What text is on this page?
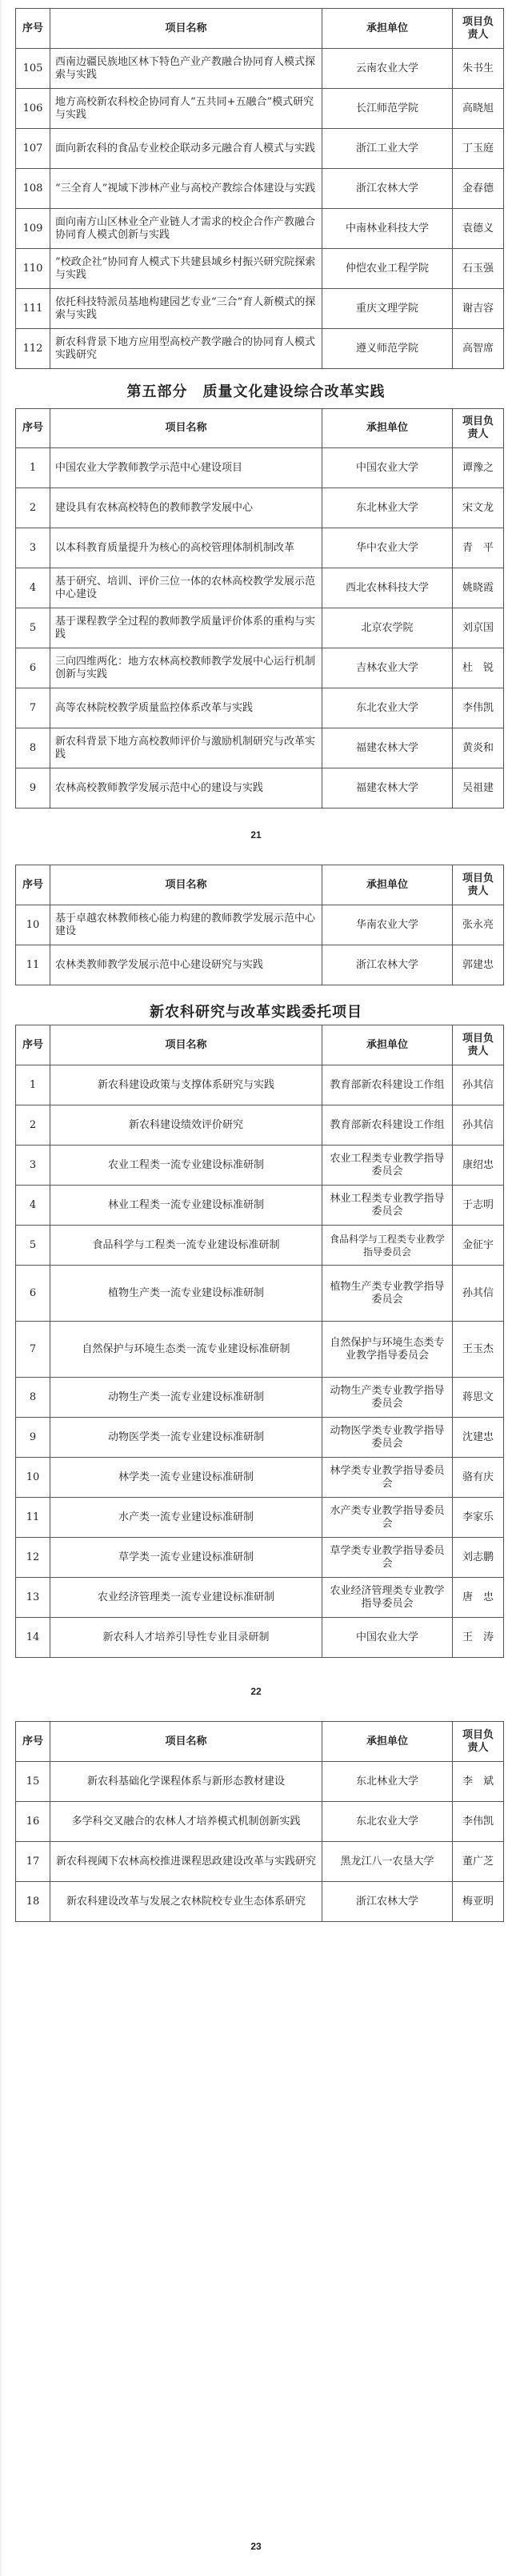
序号	项目名称	承担单位	项目负责人
105	西南边疆民族地区林下特色产业产教融合协同育人模式探索与实践	云南农业大学	朱书生
106	地方高校新农科校企协同育人“五共同+五融合”模式研究与实践	长江师范学院	高晓旭
107	面向新农科的食品专业校企联动多元融合育人模式与实践	浙江工业大学	丁玉庭
108	“三全育人”视域下涉林产业与高校产教综合体建设与实践	浙江农林大学	金春德
109	面向南方山区林业全产业链人才需求的校企合作产教融合协同育人模式创新与实践	中南林业科技大学	袁德义
110	“校政企社”协同育人模式下共建县域乡村振兴研究院探索与实践	仲恺农业工程学院	石玉强
111	依托科技特派员基地构建园艺专业“三合”育人新模式的探索与实践	重庆文理学院	谢吉容
112	新农科背景下地方应用型高校产教学融合的协同育人模式实践研究	遵义师范学院	高智席
第五部分　质量文化建设综合改革实践
序号	项目名称	承担单位	项目负责人
1	中国农业大学教师教学示范中心建设项目	中国农业大学	谭豫之
2	建设具有农林高校特色的教师教学发展中心	东北林业大学	宋文龙
3	以本科教育质量提升为核心的高校管理体制机制改革	华中农业大学	青　平
4	基于研究、培训、评价三位一体的农林高校教学发展示范中心建设	西北农林科技大学	姚晓霞
5	基于课程教学全过程的教师教学质量评价体系的重构与实践	北京农学院	刘京国
6	三向四维两化：地方农林高校教师教学发展中心运行机制创新与实践	吉林农业大学	杜　锐
7	高等农林院校教学质量监控体系改革与实践	东北农业大学	李伟凯
8	新农科背景下地方高校教师评价与激励机制研究与改革实践	福建农林大学	黄炎和
9	农林高校教师教学发展示范中心的建设与实践	福建农林大学	吴祖建
21
序号	项目名称	承担单位	项目负责人
10	基于卓越农林教师核心能力构建的教师教学发展示范中心建设	华南农业大学	张永亮
11	农林类教师教学发展示范中心建设研究与实践	浙江农林大学	郭建忠
新农科研究与改革实践委托项目
序号	项目名称	承担单位	项目负责人
1	新农科建设政策与支撑体系研究与实践	教育部新农科建设工作组	孙其信
2	新农科建设绩效评价研究	教育部新农科建设工作组	孙其信
3	农业工程类一流专业建设标准研制	农业工程类专业教学指导委员会	康绍忠
4	林业工程类一流专业建设标准研制	林业工程类专业教学指导委员会	于志明
5	食品科学与工程类一流专业建设标准研制	食品科学与工程类专业教学指导委员会	金征宇
6	植物生产类一流专业建设标准研制	植物生产类专业教学指导委员会	孙其信
7	自然保护与环境生态类一流专业建设标准研制	自然保护与环境生态类专业教学指导委员会	王玉杰
8	动物生产类一流专业建设标准研制	动物生产类专业教学指导委员会	蒋思文
9	动物医学类一流专业建设标准研制	动物医学类专业教学指导委员会	沈建忠
10	林学类一流专业建设标准研制	林学类专业教学指导委员会	骆有庆
11	水产类一流专业建设标准研制	水产类专业教学指导委员会	李家乐
12	草学类一流专业建设标准研制	草学类专业教学指导委员会	刘志鹏
13	农业经济管理类一流专业建设标准研制	农业经济管理类专业教学指导委员会	唐　忠
14	新农科人才培养引导性专业目录研制	中国农业大学	王　涛
22
序号	项目名称	承担单位	项目负责人
15	新农科基础化学课程体系与新形态教材建设	东北林业大学	李　斌
16	多学科交叉融合的农林人才培养模式机制创新实践	东北农业大学	李伟凯
17	新农科视阈下农林高校推进课程思政建设改革与实践研究	黑龙江八一农垦大学	董广芝
18	新农科建设改革与发展之农林院校专业生态体系研究	浙江农林大学	梅亚明
23
